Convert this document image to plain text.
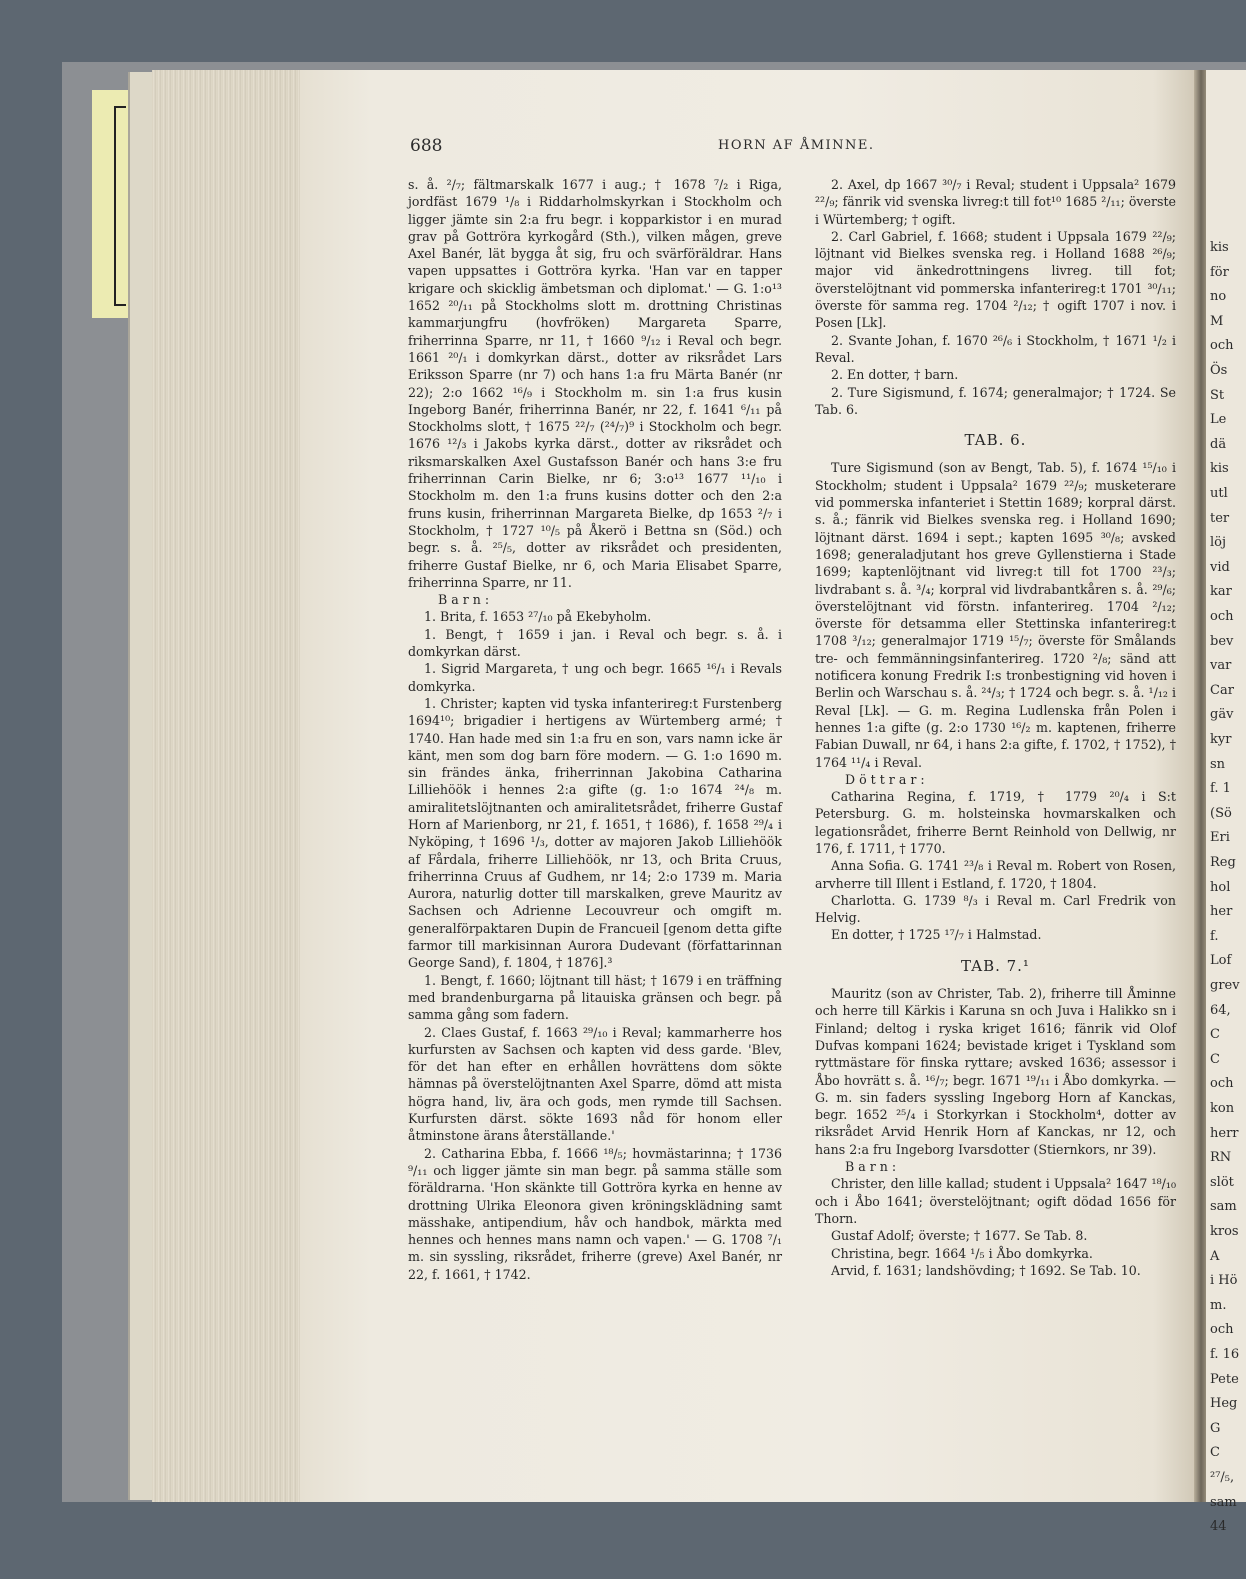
688	HORN AF ÅMINNE.

s. å. ²/₇; fältmarskalk 1677 i aug.; † 1678 ⁷/₂ i Riga, jordfäst 1679 ¹/₈ i Riddarholmskyrkan i Stockholm och ligger jämte sin 2:a fru begr. i kopparkistor i en murad grav på Gottröra kyrkogård (Sth.), vilken mågen, greve Axel Banér, lät bygga åt sig, fru och svärföräldrar. Hans vapen uppsattes i Gottröra kyrka. 'Han var en tapper krigare och skicklig ämbetsman och diplomat.' — G. 1:o¹³ 1652 ²⁰/₁₁ på Stockholms slott m. drottning Christinas kammarjungfru (hovfröken) Margareta Sparre, friherrinna Sparre, nr 11, † 1660 ⁹/₁₂ i Reval och begr. 1661 ²⁰/₁ i domkyrkan därst., dotter av riksrådet Lars Eriksson Sparre (nr 7) och hans 1:a fru Märta Banér (nr 22); 2:o 1662 ¹⁶/₉ i Stockholm m. sin 1:a frus kusin Ingeborg Banér, friherrinna Banér, nr 22, f. 1641 ⁶/₁₁ på Stockholms slott, † 1675 ²²/₇ (²⁴/₇)⁹ i Stockholm och begr. 1676 ¹²/₃ i Jakobs kyrka därst., dotter av riksrådet och riksmarskalken Axel Gustafsson Banér och hans 3:e fru friherrinnan Carin Bielke, nr 6; 3:o¹³ 1677 ¹¹/₁₀ i Stockholm m. den 1:a fruns kusins dotter och den 2:a fruns kusin, friherrinnan Margareta Bielke, dp 1653 ²/₇ i Stockholm, † 1727 ¹⁰/₅ på Åkerö i Bettna sn (Söd.) och begr. s. å. ²⁵/₅, dotter av riksrådet och presidenten, friherre Gustaf Bielke, nr 6, och Maria Elisabet Sparre, friherrinna Sparre, nr 11.

Barn:

1. Brita, f. 1653 ²⁷/₁₀ på Ekebyholm.

1. Bengt, † 1659 i jan. i Reval och begr. s. å. i domkyrkan därst.

1. Sigrid Margareta, † ung och begr. 1665 ¹⁶/₁ i Revals domkyrka.

1. Christer; kapten vid tyska infanterireg:t Furstenberg 1694¹⁰; brigadier i hertigens av Würtemberg armé; † 1740. Han hade med sin 1:a fru en son, vars namn icke är känt, men som dog barn före modern. — G. 1:o 1690 m. sin frändes änka, friherrinnan Jakobina Catharina Lilliehöök i hennes 2:a gifte (g. 1:o 1674 ²⁴/₈ m. amiralitetslöjtnanten och amiralitetsrådet, friherre Gustaf Horn af Marienborg, nr 21, f. 1651, † 1686), f. 1658 ²⁹/₄ i Nyköping, † 1696 ¹/₃, dotter av majoren Jakob Lilliehöök af Fårdala, friherre Lilliehöök, nr 13, och Brita Cruus, friherrinna Cruus af Gudhem, nr 14; 2:o 1739 m. Maria Aurora, naturlig dotter till marskalken, greve Mauritz av Sachsen och Adrienne Lecouvreur och omgift m. generalförpaktaren Dupin de Francueil [genom detta gifte farmor till markisinnan Aurora Dudevant (författarinnan George Sand), f. 1804, † 1876].³

1. Bengt, f. 1660; löjtnant till häst; † 1679 i en träffning med brandenburgarna på litauiska gränsen och begr. på samma gång som fadern.

2. Claes Gustaf, f. 1663 ²⁹/₁₀ i Reval; kammarherre hos kurfursten av Sachsen och kapten vid dess garde. 'Blev, för det han efter en erhållen hovrättens dom sökte hämnas på överstelöjtnanten Axel Sparre, dömd att mista högra hand, liv, ära och gods, men rymde till Sachsen. Kurfursten därst. sökte 1693 nåd för honom eller åtminstone ärans återställande.'

2. Catharina Ebba, f. 1666 ¹⁸/₅; hovmästarinna; † 1736 ⁹/₁₁ och ligger jämte sin man begr. på samma ställe som föräldrarna. 'Hon skänkte till Gottröra kyrka en henne av drottning Ulrika Eleonora given kröningsklädning samt mässhake, antipendium, håv och handbok, märkta med hennes och hennes mans namn och vapen.' — G. 1708 ⁷/₁ m. sin syssling, riksrådet, friherre (greve) Axel Banér, nr 22, f. 1661, † 1742.

2. Axel, dp 1667 ³⁰/₇ i Reval; student i Uppsala² 1679 ²²/₉; fänrik vid svenska livreg:t till fot¹⁰ 1685 ²/₁₁; överste i Würtemberg; † ogift.

2. Carl Gabriel, f. 1668; student i Uppsala 1679 ²²/₉; löjtnant vid Bielkes svenska reg. i Holland 1688 ²⁶/₉; major vid änkedrottningens livreg. till fot; överstelöjtnant vid pommerska infanterireg:t 1701 ³⁰/₁₁; överste för samma reg. 1704 ²/₁₂; † ogift 1707 i nov. i Posen [Lk].

2. Svante Johan, f. 1670 ²⁶/₆ i Stockholm, † 1671 ¹/₂ i Reval.

2. En dotter, † barn.

2. Ture Sigismund, f. 1674; generalmajor; † 1724. Se Tab. 6.

TAB. 6.

Ture Sigismund (son av Bengt, Tab. 5), f. 1674 ¹⁵/₁₀ i Stockholm; student i Uppsala² 1679 ²²/₉; musketerare vid pommerska infanteriet i Stettin 1689; korpral därst. s. å.; fänrik vid Bielkes svenska reg. i Holland 1690; löjtnant därst. 1694 i sept.; kapten 1695 ³⁰/₈; avsked 1698; generaladjutant hos greve Gyllenstierna i Stade 1699; kaptenlöjtnant vid livreg:t till fot 1700 ²³/₃; livdrabant s. å. ³/₄; korpral vid livdrabantkåren s. å. ²⁹/₆; överstelöjtnant vid förstn. infanterireg. 1704 ²/₁₂; överste för detsamma eller Stettinska infanterireg:t 1708 ³/₁₂; generalmajor 1719 ¹⁵/₇; överste för Smålands tre- och femmänningsinfanterireg. 1720 ²/₈; sänd att notificera konung Fredrik I:s tronbestigning vid hoven i Berlin och Warschau s. å. ²⁴/₃; † 1724 och begr. s. å. ¹/₁₂ i Reval [Lk]. — G. m. Regina Ludlenska från Polen i hennes 1:a gifte (g. 2:o 1730 ¹⁶/₂ m. kaptenen, friherre Fabian Duwall, nr 64, i hans 2:a gifte, f. 1702, † 1752), † 1764 ¹¹/₄ i Reval.

Döttrar:

Catharina Regina, f. 1719, † 1779 ²⁰/₄ i S:t Petersburg. G. m. holsteinska hovmarskalken och legationsrådet, friherre Bernt Reinhold von Dellwig, nr 176, f. 1711, † 1770.

Anna Sofia. G. 1741 ²³/₈ i Reval m. Robert von Rosen, arvherre till Illent i Estland, f. 1720, † 1804.

Charlotta. G. 1739 ⁸/₃ i Reval m. Carl Fredrik von Helvig.

En dotter, † 1725 ¹⁷/₇ i Halmstad.

TAB. 7.¹

Mauritz (son av Christer, Tab. 2), friherre till Åminne och herre till Kärkis i Karuna sn och Juva i Halikko sn i Finland; deltog i ryska kriget 1616; fänrik vid Olof Dufvas kompani 1624; bevistade kriget i Tyskland som ryttmästare för finska ryttare; avsked 1636; assessor i Åbo hovrätt s. å. ¹⁶/₇; begr. 1671 ¹⁹/₁₁ i Åbo domkyrka. — G. m. sin faders syssling Ingeborg Horn af Kanckas, begr. 1652 ²⁵/₄ i Storkyrkan i Stockholm⁴, dotter av riksrådet Arvid Henrik Horn af Kanckas, nr 12, och hans 2:a fru Ingeborg Ivarsdotter (Stiernkors, nr 39).

Barn:

Christer, den lille kallad; student i Uppsala² 1647 ¹⁸/₁₀ och i Åbo 1641; överstelöjtnant; ogift dödad 1656 för Thorn.

Gustaf Adolf; överste; † 1677. Se Tab. 8.

Christina, begr. 1664 ¹/₅ i Åbo domkyrka.

Arvid, f. 1631; landshövding; † 1692. Se Tab. 10.

kis
för
no
M
och
Ös
St
Le
dä
kis
utl
ter
löj
vid
kar
och
bev
var
Car
gäv
kyr
sn
f. 1
(Sö
Eri
Reg
hol
her
f.
Lof
grev
64,
C
C
och
kon
herr
RN
slöt
sam
kros
A
i Hö
m.
och
f. 16
Pete
Heg
G
C
²⁷/₅,
sam
44
